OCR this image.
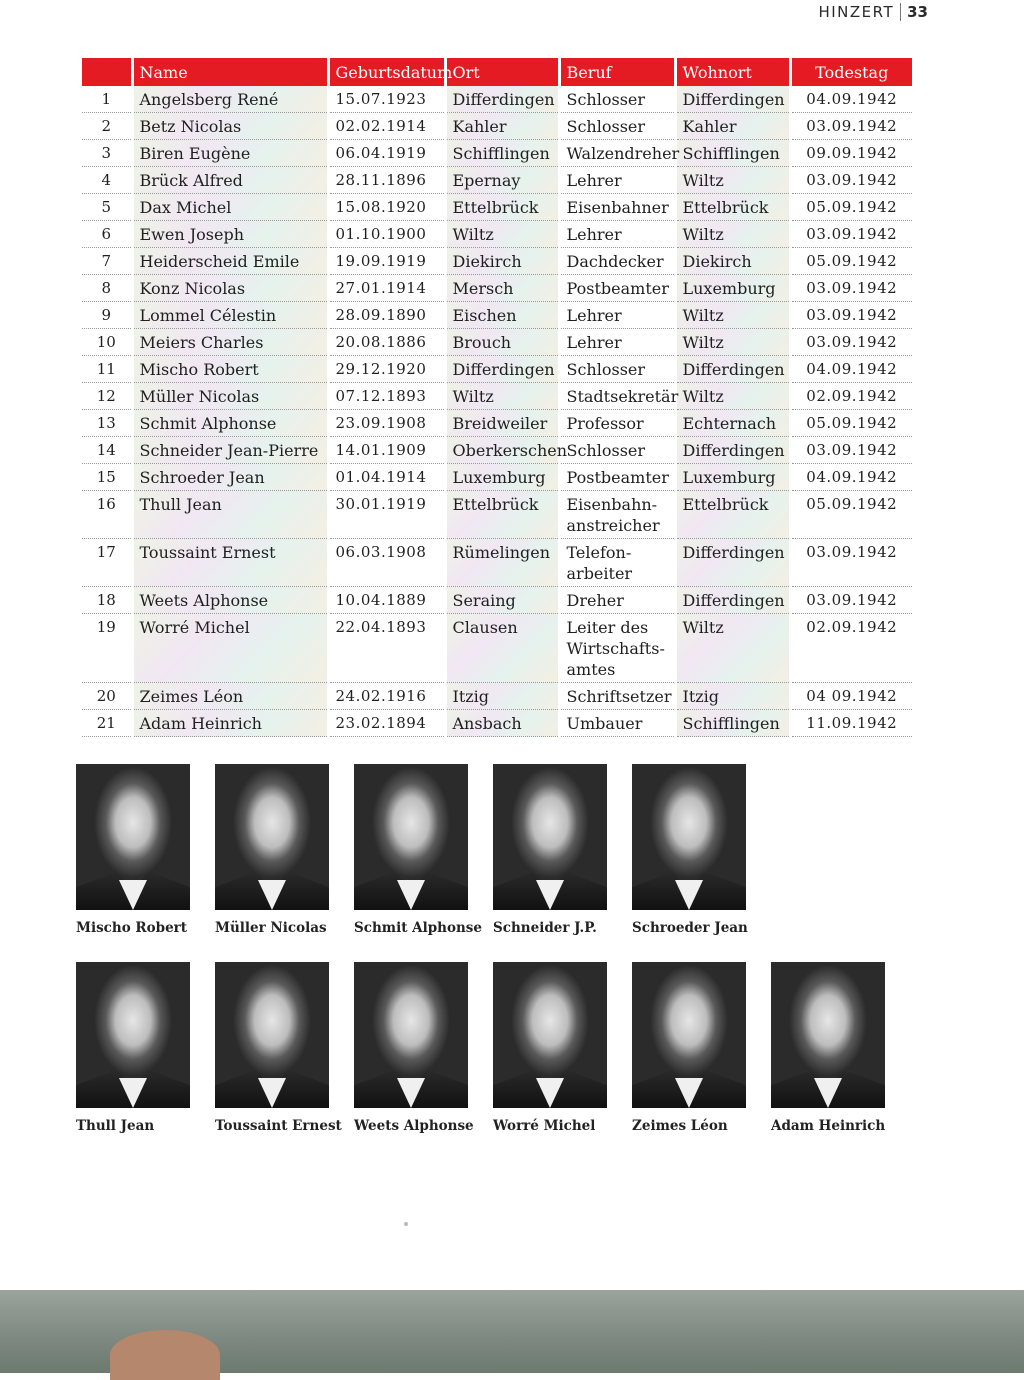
HINZERT 33
	Name	Geburtsdatum	Ort	Beruf	Wohnort	Todestag
1	Angelsberg René	15.07.1923	Differdingen	Schlosser	Differdingen	04.09.1942
2	Betz Nicolas	02.02.1914	Kahler	Schlosser	Kahler	03.09.1942
3	Biren Eugène	06.04.1919	Schifflingen	Walzendreher	Schifflingen	09.09.1942
4	Brück Alfred	28.11.1896	Epernay	Lehrer	Wiltz	03.09.1942
5	Dax Michel	15.08.1920	Ettelbrück	Eisenbahner	Ettelbrück	05.09.1942
6	Ewen Joseph	01.10.1900	Wiltz	Lehrer	Wiltz	03.09.1942
7	Heiderscheid Emile	19.09.1919	Diekirch	Dachdecker	Diekirch	05.09.1942
8	Konz Nicolas	27.01.1914	Mersch	Postbeamter	Luxemburg	03.09.1942
9	Lommel Célestin	28.09.1890	Eischen	Lehrer	Wiltz	03.09.1942
10	Meiers Charles	20.08.1886	Brouch	Lehrer	Wiltz	03.09.1942
11	Mischo Robert	29.12.1920	Differdingen	Schlosser	Differdingen	04.09.1942
12	Müller Nicolas	07.12.1893	Wiltz	Stadtsekretär	Wiltz	02.09.1942
13	Schmit Alphonse	23.09.1908	Breidweiler	Professor	Echternach	05.09.1942
14	Schneider Jean-Pierre	14.01.1909	Oberkerschen	Schlosser	Differdingen	03.09.1942
15	Schroeder Jean	01.04.1914	Luxemburg	Postbeamter	Luxemburg	04.09.1942
16	Thull Jean	30.01.1919	Ettelbrück	Eisenbahn-anstreicher	Ettelbrück	05.09.1942
17	Toussaint Ernest	06.03.1908	Rümelingen	Telefon-arbeiter	Differdingen	03.09.1942
18	Weets Alphonse	10.04.1889	Seraing	Dreher	Differdingen	03.09.1942
19	Worré Michel	22.04.1893	Clausen	Leiter des Wirtschafts-amtes	Wiltz	02.09.1942
20	Zeimes Léon	24.02.1916	Itzig	Schriftsetzer	Itzig	04 09.1942
21	Adam Heinrich	23.02.1894	Ansbach	Umbauer	Schifflingen	11.09.1942
Mischo Robert	Müller Nicolas	Schmit Alphonse Schneider J.P.	Schroeder Jean
Thull Jean	Toussaint Ernest Weets Alphonse	Worré Michel	Zeimes Léon	Adam Heinrich
